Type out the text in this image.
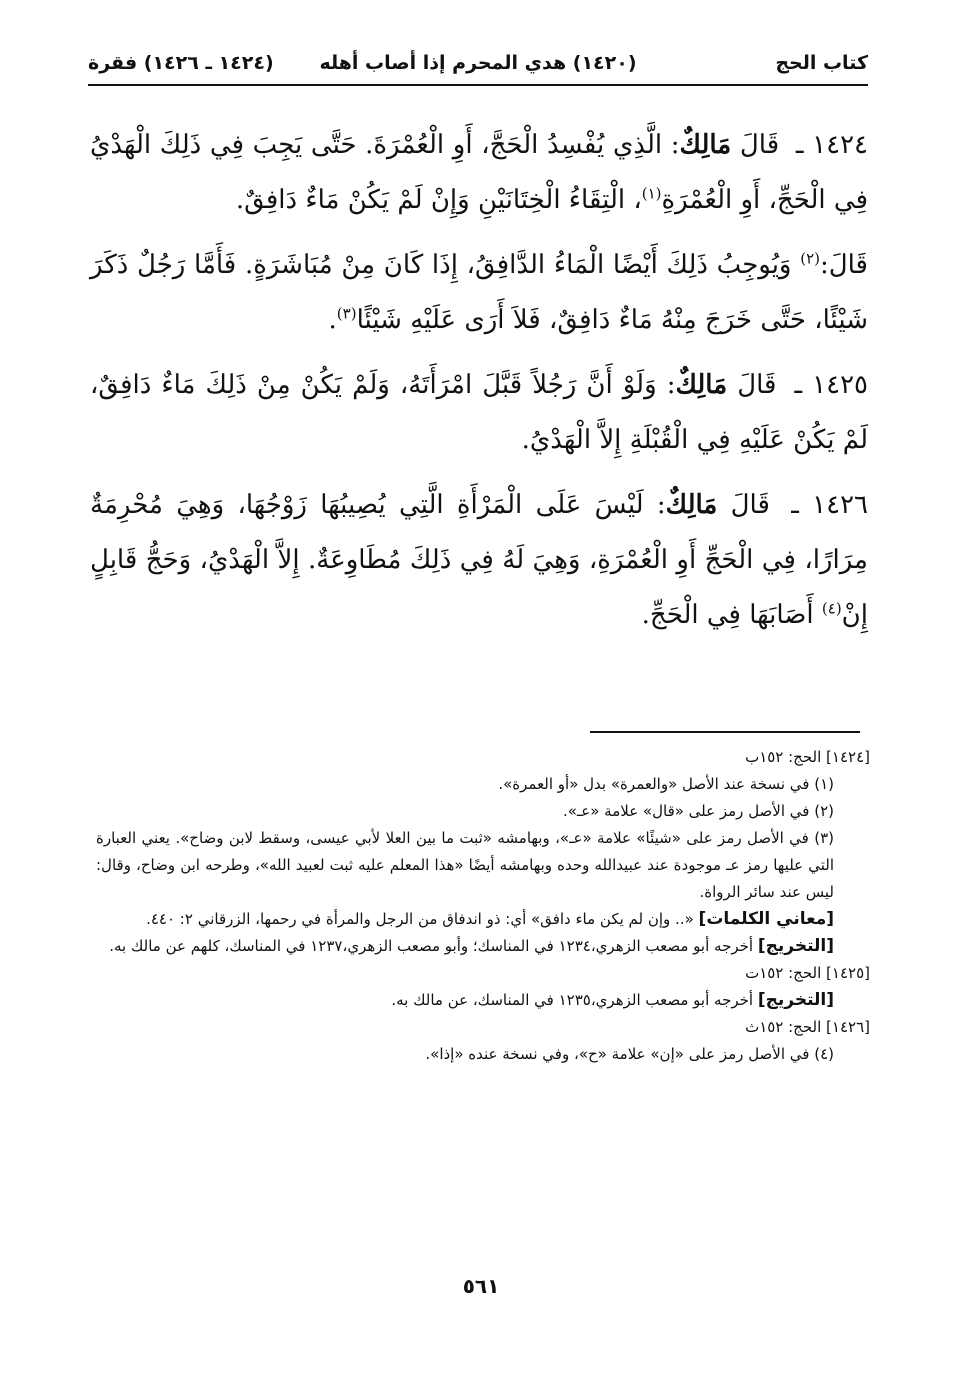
كتاب الحج
(١٤٢٠) هدي المحرم إذا أصاب أهله
(١٤٢٤ ـ ١٤٢٦) فقرة

١٤٢٤ ـ قَالَ مَالِكٌ: الَّذِي يُفْسِدُ الْحَجَّ، أَوِ الْعُمْرَةَ. حَتَّى يَجِبَ فِي ذَلِكَ الْهَدْيُ فِي الْحَجِّ، أَوِ الْعُمْرَةِ$^{(١)}$، الْتِقَاءُ الْخِتَانَيْنِ وَإِنْ لَمْ يَكُنْ مَاءٌ دَافِقٌ.

قَالَ:$^{(٢)}$ وَيُوجِبُ ذَلِكَ أَيْضًا الْمَاءُ الدَّافِقُ، إِذَا كَانَ مِنْ مُبَاشَرَةٍ. فَأَمَّا رَجُلٌ ذَكَرَ شَيْئًا، حَتَّى خَرَجَ مِنْهُ مَاءٌ دَافِقٌ، فَلاَ أَرَى عَلَيْهِ شَيْئًا$^{(٣)}$.

١٤٢٥ ـ قَالَ مَالِكٌ: وَلَوْ أَنَّ رَجُلاً قَبَّلَ امْرَأَتَهُ، وَلَمْ يَكُنْ مِنْ ذَلِكَ مَاءٌ دَافِقٌ، لَمْ يَكُنْ عَلَيْهِ فِي الْقُبْلَةِ إِلاَّ الْهَدْيُ.

١٤٢٦ ـ قَالَ مَالِكٌ: لَيْسَ عَلَى الْمَرْأَةِ الَّتِي يُصِيبُهَا زَوْجُهَا، وَهِيَ مُحْرِمَةٌ مِرَارًا، فِي الْحَجِّ أَوِ الْعُمْرَةِ، وَهِيَ لَهُ فِي ذَلِكَ مُطَاوِعَةٌ. إِلاَّ الْهَدْيُ، وَحَجُّ قَابِلٍ إِنْ$^{(٤)}$ أَصَابَهَا فِي الْحَجِّ.

[١٤٢٤] الحج: ١٥٢ب

(١) في نسخة عند الأصل «والعمرة» بدل «أو العمرة».

(٢) في الأصل رمز على «قال» علامة «عـ».

(٣) في الأصل رمز على «شيئًا» علامة «عـ»، وبهامشه «ثبت ما بين العلا لأبي عيسى، وسقط لابن وضاح». يعني العبارة التي عليها رمز عـ موجودة عند عبيدالله وحده وبهامشه أيضًا «هذا المعلم عليه ثبت لعبيد الله»، وطرحه ابن وضاح، وقال: ليس عند سائر الرواة.

[معاني الكلمات] «.. وإن لم يكن ماء دافق» أي: ذو اندفاق من الرجل والمرأة في رحمها، الزرقاني ٢: ٤٤٠.

[التخريج] أخرجه أبو مصعب الزهري،١٢٣٤ في المناسك؛ وأبو مصعب الزهري،١٢٣٧ في المناسك، كلهم عن مالك به.

[١٤٢٥] الحج: ١٥٢ت

[التخريج] أخرجه أبو مصعب الزهري،١٢٣٥ في المناسك، عن مالك به.

[١٤٢٦] الحج: ١٥٢ث

(٤) في الأصل رمز على «إن» علامة «ح»، وفي نسخة عنده «إذا».

٥٦١
